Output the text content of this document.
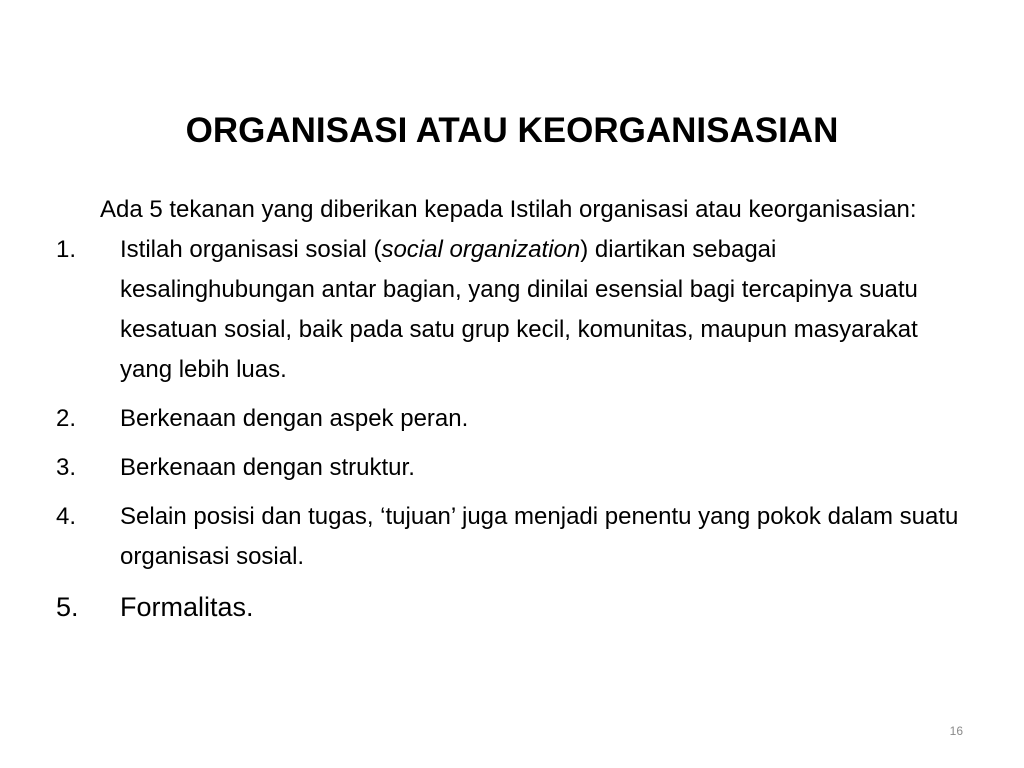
ORGANISASI ATAU KEORGANISASIAN
Ada 5 tekanan yang diberikan kepada Istilah organisasi atau keorganisasian:
1.	Istilah organisasi sosial (social organization) diartikan sebagai kesalinghubungan antar bagian, yang dinilai esensial bagi tercapinya suatu kesatuan sosial, baik pada satu grup kecil, komunitas, maupun masyarakat yang lebih luas.
2.	Berkenaan dengan aspek peran.
3.	Berkenaan dengan struktur.
4.	Selain posisi dan tugas, ‘tujuan’ juga menjadi penentu yang pokok dalam suatu organisasi sosial.
5.	Formalitas.
16
